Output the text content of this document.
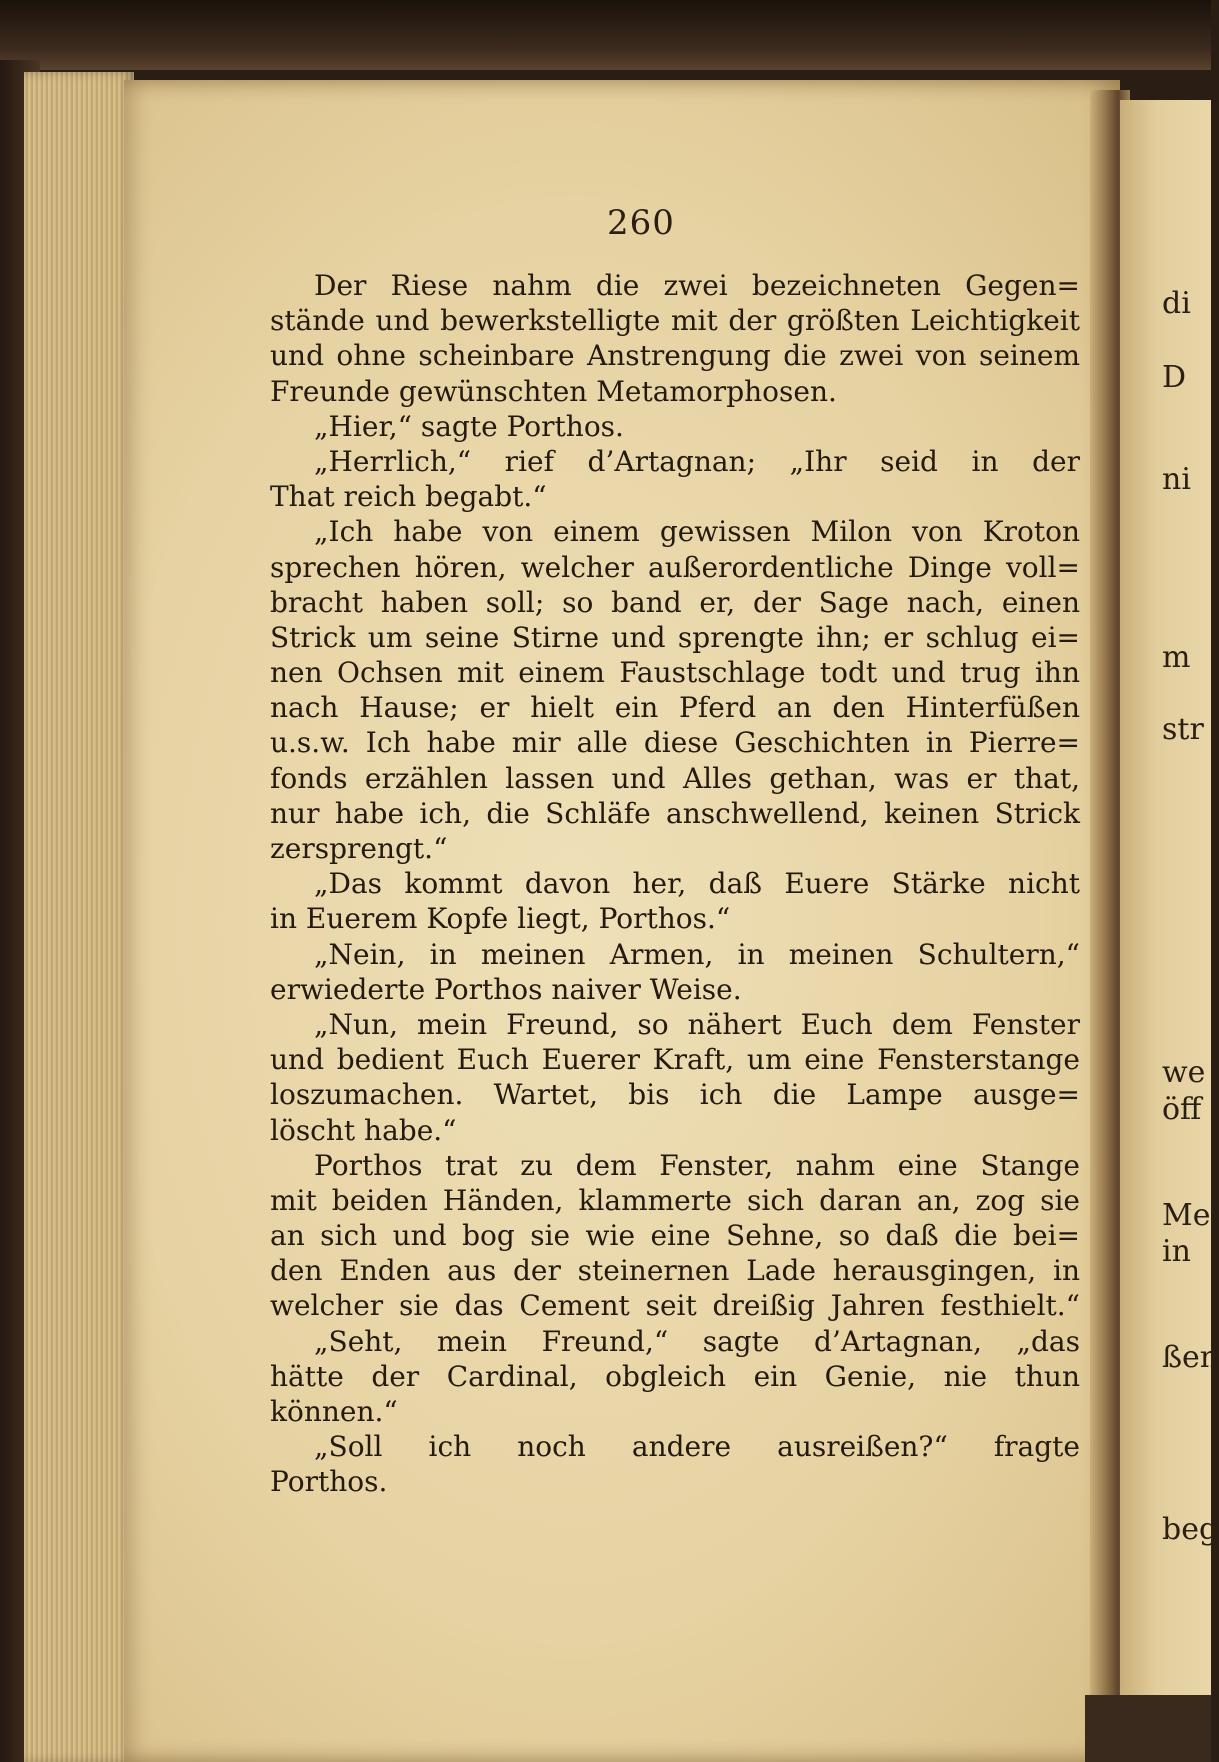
260
Der Riese nahm die zwei bezeichneten Gegen=
stände und bewerkstelligte mit der größten Leichtigkeit
und ohne scheinbare Anstrengung die zwei von seinem
Freunde gewünschten Metamorphosen.
„Hier,“ sagte Porthos.
„Herrlich,“ rief d’Artagnan; „Ihr seid in der
That reich begabt.“
„Ich habe von einem gewissen Milon von Kroton
sprechen hören, welcher außerordentliche Dinge voll=
bracht haben soll; so band er, der Sage nach, einen
Strick um seine Stirne und sprengte ihn; er schlug ei=
nen Ochsen mit einem Faustschlage todt und trug ihn
nach Hause; er hielt ein Pferd an den Hinterfüßen
u.s.w. Ich habe mir alle diese Geschichten in Pierre=
fonds erzählen lassen und Alles gethan, was er that,
nur habe ich, die Schläfe anschwellend, keinen Strick
zersprengt.“
„Das kommt davon her, daß Euere Stärke nicht
in Euerem Kopfe liegt, Porthos.“
„Nein, in meinen Armen, in meinen Schultern,“
erwiederte Porthos naiver Weise.
„Nun, mein Freund, so nähert Euch dem Fenster
und bedient Euch Euerer Kraft, um eine Fensterstange
loszumachen. Wartet, bis ich die Lampe ausge=
löscht habe.“
Porthos trat zu dem Fenster, nahm eine Stange
mit beiden Händen, klammerte sich daran an, zog sie
an sich und bog sie wie eine Sehne, so daß die bei=
den Enden aus der steinernen Lade herausgingen, in
welcher sie das Cement seit dreißig Jahren festhielt.“
„Seht, mein Freund,“ sagte d’Artagnan, „das
hätte der Cardinal, obgleich ein Genie, nie thun
können.“
„Soll ich noch andere ausreißen?“ fragte
Porthos.
di
D
ni
m
str
we
öff
Me
in
ßen
beg
